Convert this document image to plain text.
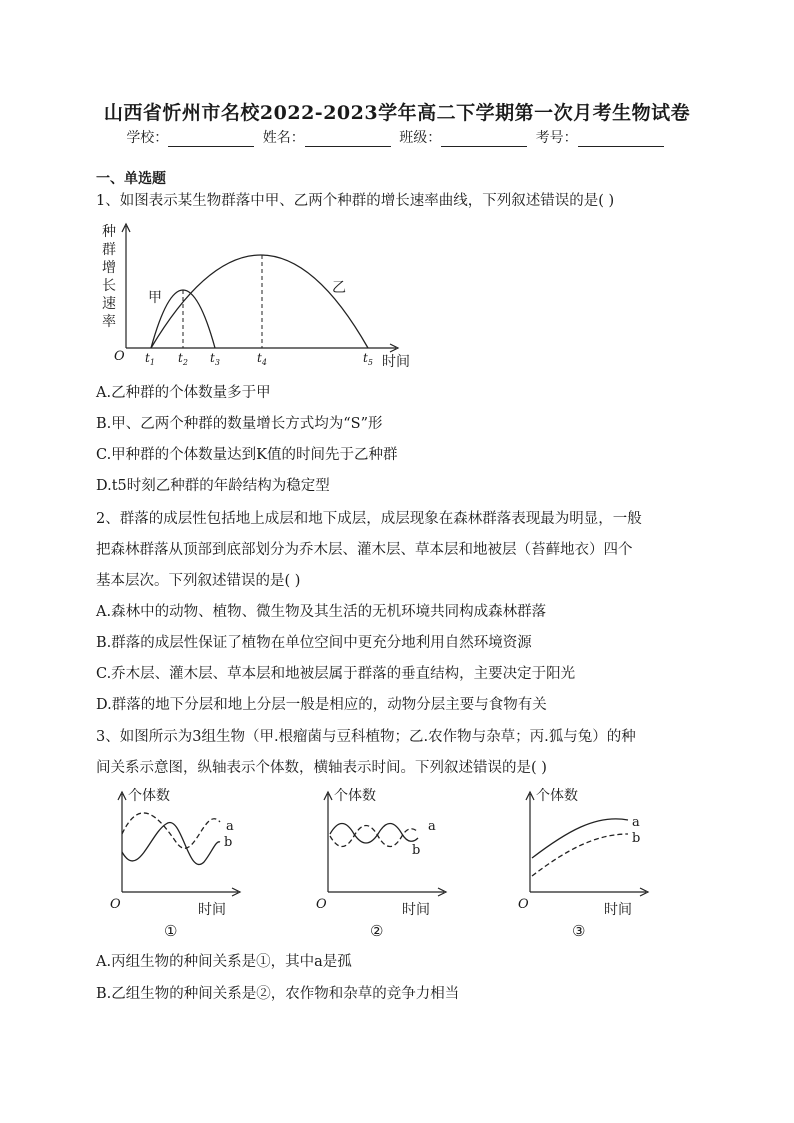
山西省忻州市名校2022-2023学年高二下学期第一次月考生物试卷
学校：	姓名：	班级：	考号：
一、单选题
1、如图表示某生物群落中甲、乙两个种群的增长速率曲线，下列叙述错误的是( )
种
群
增
长
速
率
O	时间
甲
乙
$t_1$ $t_2$ $t_3$	$t_4$	$t_5$
A.乙种群的个体数量多于甲
B.甲、乙两个种群的数量增长方式均为“S”形
C.甲种群的个体数量达到K值的时间先于乙种群
D.t5时刻乙种群的年龄结构为稳定型
2、群落的成层性包括地上成层和地下成层，成层现象在森林群落表现最为明显，一般
把森林群落从顶部到底部划分为乔木层、灌木层、草本层和地被层（苔藓地衣）四个
基本层次。下列叙述错误的是( )
A.森林中的动物、植物、微生物及其生活的无机环境共同构成森林群落
B.群落的成层性保证了植物在单位空间中更充分地利用自然环境资源
C.乔木层、灌木层、草本层和地被层属于群落的垂直结构，主要决定于阳光
D.群落的地下分层和地上分层一般是相应的，动物分层主要与食物有关
3、如图所示为3组生物（甲.根瘤菌与豆科植物；乙.农作物与杂草；丙.狐与兔）的种
间关系示意图，纵轴表示个体数，横轴表示时间。下列叙述错误的是( )
个体数
O	时间
a
b
①
个体数
O	时间
a
b
②
个体数
O	时间
a
b
③
A.丙组生物的种间关系是①，其中a是孤
B.乙组生物的种间关系是②，农作物和杂草的竞争力相当
